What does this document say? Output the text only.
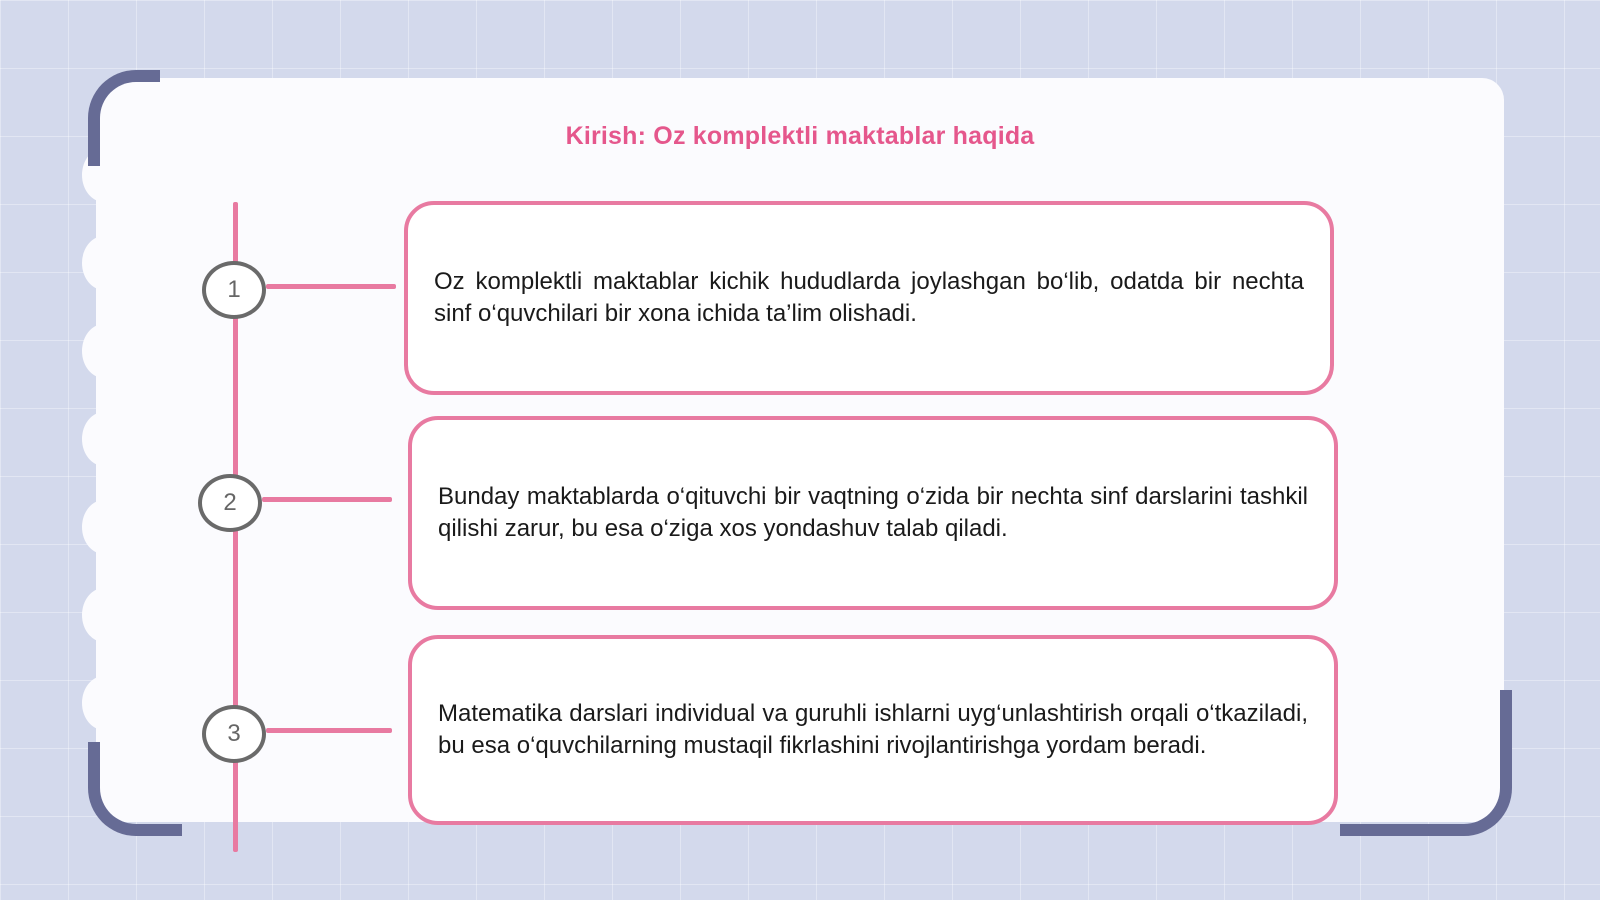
Kirish: Oz komplektli maktablar haqida
1
2
3

Oz komplektli maktablar kichik hududlarda joylashgan bo‘lib, odatda bir nechta sinf o‘quvchilari bir xona ichida ta’lim olishadi.

Bunday maktablarda o‘qituvchi bir vaqtning o‘zida bir nechta sinf darslarini tashkil qilishi zarur, bu esa o‘ziga xos yondashuv talab qiladi.

Matematika darslari individual va guruhli ishlarni uyg‘unlashtirish orqali o‘tkaziladi, bu esa o‘quvchilarning mustaqil fikrlashini rivojlantirishga yordam beradi.
